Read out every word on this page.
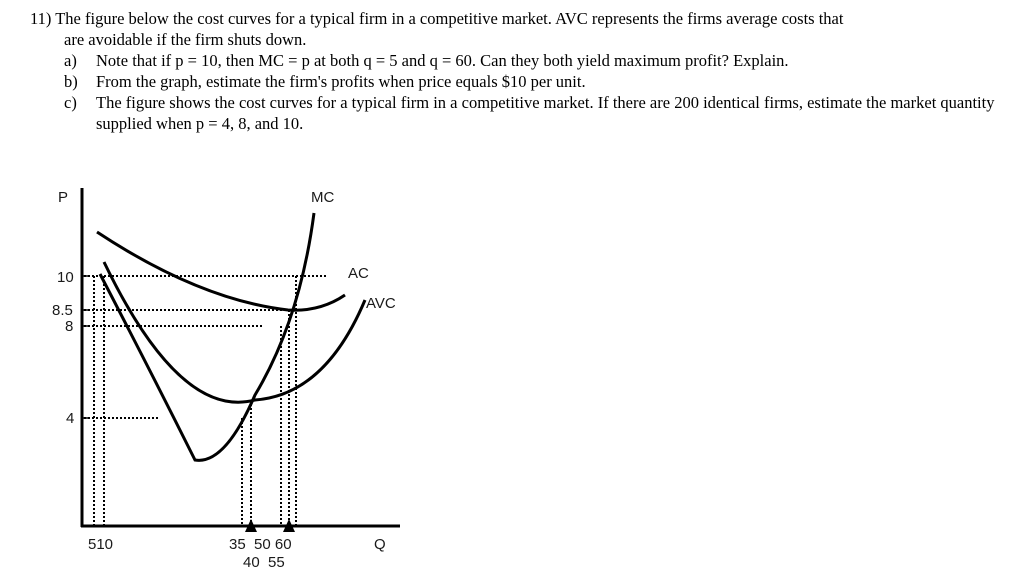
11) The figure below the cost curves for a typical firm in a competitive market. AVC represents the firms average costs that
are avoidable if the firm shuts down.
a)	Note that if p = 10, then MC = p at both q = 5 and q = 60. Can they both yield maximum profit? Explain.
b)	From the graph, estimate the firm's profits when price equals $10 per unit.
c)	The figure shows the cost curves for a typical firm in a competitive market. If there are 200 identical firms, estimate the market quantity supplied when p = 4, 8, and 10.
P
Q
10
8.5
8
4
MC
AC
AVC
510	35  50 60
40  55
